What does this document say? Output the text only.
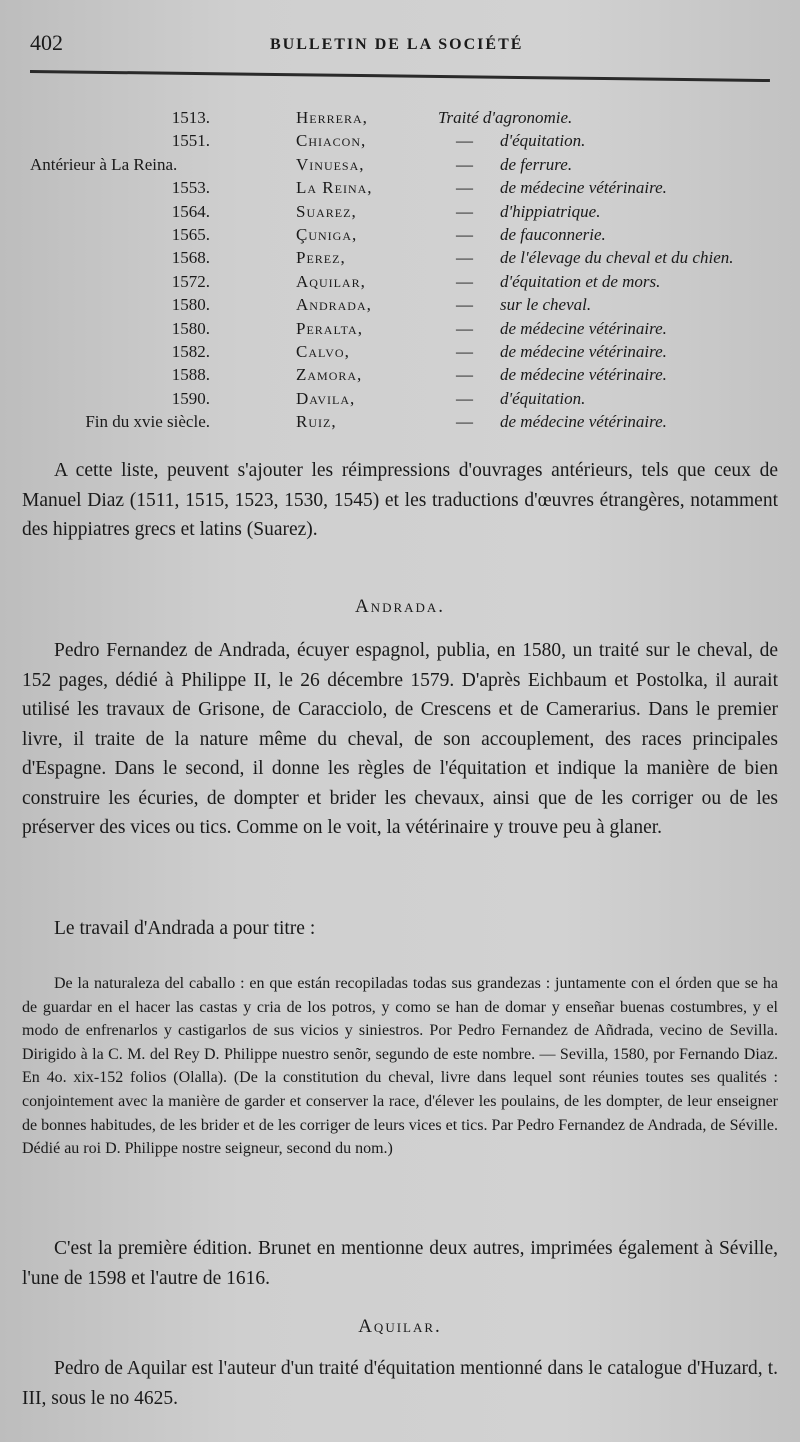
402	BULLETIN DE LA SOCIÉTÉ
1513.	Herrera,	Traité d'agronomie.
1551.	Chiacon,	— d'équitation.
Antérieur à La Reina.	Vinuesa,	— de ferrure.
1553.	La Reina,	— de médecine vétérinaire.
1564.	Suarez,	— d'hippiatrique.
1565.	Çuniga,	— de fauconnerie.
1568.	Perez,	— de l'élevage du cheval et du chien.
1572.	Aquilar,	— d'équitation et de mors.
1580.	Andrada,	— sur le cheval.
1580.	Peralta,	— de médecine vétérinaire.
1582.	Calvo,	— de médecine vétérinaire.
1588.	Zamora,	— de médecine vétérinaire.
1590.	Davila,	— d'équitation.
Fin du xvie siècle.	Ruiz,	— de médecine vétérinaire.

A cette liste, peuvent s'ajouter les réimpressions d'ouvrages antérieurs, tels que ceux de Manuel Diaz (1511, 1515, 1523, 1530, 1545) et les traductions d'œuvres étrangères, notamment des hippiatres grecs et latins (Suarez).

Andrada.

Pedro Fernandez de Andrada, écuyer espagnol, publia, en 1580, un traité sur le cheval, de 152 pages, dédié à Philippe II, le 26 décembre 1579. D'après Eichbaum et Postolka, il aurait utilisé les travaux de Grisone, de Caracciolo, de Crescens et de Camerarius. Dans le premier livre, il traite de la nature même du cheval, de son accouplement, des races principales d'Espagne. Dans le second, il donne les règles de l'équitation et indique la manière de bien construire les écuries, de dompter et brider les chevaux, ainsi que de les corriger ou de les préserver des vices ou tics. Comme on le voit, la vétérinaire y trouve peu à glaner.

Le travail d'Andrada a pour titre :

De la naturaleza del caballo : en que están recopiladas todas sus grandezas : juntamente con el órden que se ha de guardar en el hacer las castas y cria de los potros, y como se han de domar y enseñar buenas costumbres, y el modo de enfrenarlos y castigarlos de sus vicios y siniestros. Por Pedro Fernandez de Añdrada, vecino de Sevilla. Dirigido à la C. M. del Rey D. Philippe nuestro senõr, segundo de este nombre. — Sevilla, 1580, por Fernando Diaz. En 4o. xix-152 folios (Olalla). (De la constitution du cheval, livre dans lequel sont réunies toutes ses qualités : conjointement avec la manière de garder et conserver la race, d'élever les poulains, de les dompter, de leur enseigner de bonnes habitudes, de les brider et de les corriger de leurs vices et tics. Par Pedro Fernandez de Andrada, de Séville. Dédié au roi D. Philippe nostre seigneur, second du nom.)

C'est la première édition. Brunet en mentionne deux autres, imprimées également à Séville, l'une de 1598 et l'autre de 1616.

Aquilar.

Pedro de Aquilar est l'auteur d'un traité d'équitation mentionné dans le catalogue d'Huzard, t. III, sous le no 4625.
